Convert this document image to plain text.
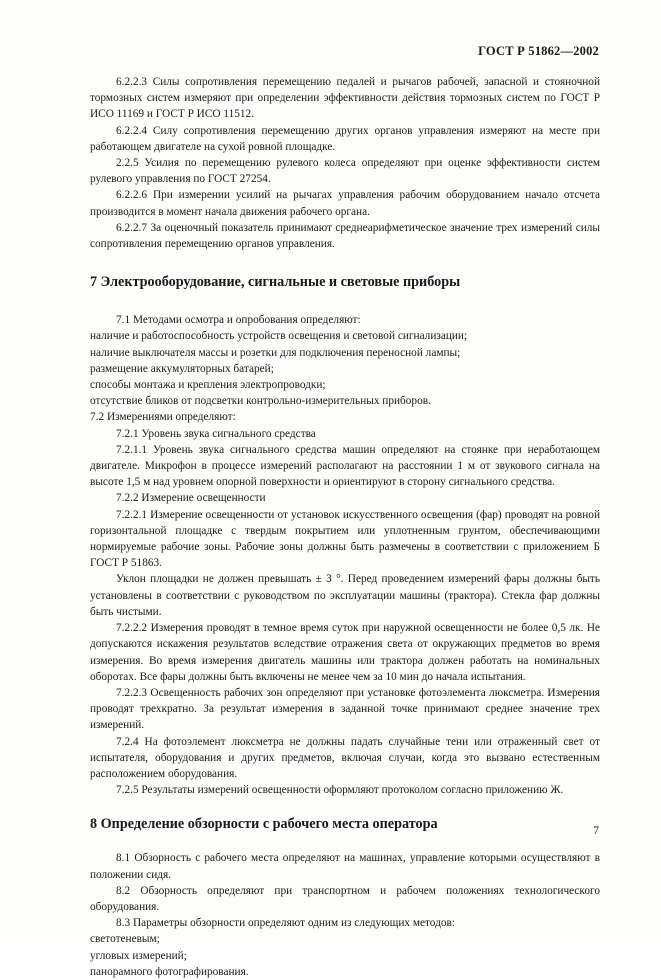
ГОСТ Р 51862—2002

6.2.2.3 Силы сопротивления перемещению педалей и рычагов рабочей, запасной и стояночной тормозных систем измеряют при определении эффективности действия тормозных систем по ГОСТ Р ИСО 11169 и ГОСТ Р ИСО 11512.

6.2.2.4 Силу сопротивления перемещению других органов управления измеряют на месте при работающем двигателе на сухой ровной площадке.

2.2.5 Усилия по перемещению рулевого колеса определяют при оценке эффективности систем рулевого управления по ГОСТ 27254.

6.2.2.6 При измерении усилий на рычагах управления рабочим оборудованием начало отсчета производится в момент начала движения рабочего органа.

6.2.2.7 За оценочный показатель принимают среднеарифметическое значение трех измерений силы сопротивления перемещению органов управления.

7 Электрооборудование, сигнальные и световые приборы

7.1 Методами осмотра и опробования определяют:

наличие и работоспособность устройств освещения и световой сигнализации;

наличие выключателя массы и розетки для подключения переносной лампы;

размещение аккумуляторных батарей;

способы монтажа и крепления электропроводки;

отсутствие бликов от подсветки контрольно-измерительных приборов.

7.2 Измерениями определяют:

7.2.1 Уровень звука сигнального средства

7.2.1.1 Уровень звука сигнального средства машин определяют на стоянке при неработающем двигателе. Микрофон в процессе измерений располагают на расстоянии 1 м от звукового сигнала на высоте 1,5 м над уровнем опорной поверхности и ориентируют в сторону сигнального средства.

7.2.2 Измерение освещенности

7.2.2.1 Измерение освещенности от установок искусственного освещения (фар) проводят на ровной горизонтальной площадке с твердым покрытием или уплотненным грунтом, обеспечивающими нормируемые рабочие зоны. Рабочие зоны должны быть размечены в соответствии с приложением Б ГОСТ Р 51863.

Уклон площадки не должен превышать ± 3 °. Перед проведением измерений фары должны быть установлены в соответствии с руководством по эксплуатации машины (трактора). Стекла фар должны быть чистыми.

7.2.2.2 Измерения проводят в темное время суток при наружной освещенности не более 0,5 лк. Не допускаются искажения результатов вследствие отражения света от окружающих предметов во время измерения. Во время измерения двигатель машины или трактора должен работать на номинальных оборотах. Все фары должны быть включены не менее чем за 10 мин до начала испытания.

7.2.2.3 Освещенность рабочих зон определяют при установке фотоэлемента люксметра. Измерения проводят трехкратно. За результат измерения в заданной точке принимают среднее значение трех измерений.

7.2.4 На фотоэлемент люксметра не должны падать случайные тени или отраженный свет от испытателя, оборудования и других предметов, включая случаи, когда это вызвано естественным расположением оборудования.

7.2.5 Результаты измерений освещенности оформляют протоколом согласно приложению Ж.

8 Определение обзорности с рабочего места оператора

8.1 Обзорность с рабочего места определяют на машинах, управление которыми осуществляют в положении сидя.

8.2 Обзорность определяют при транспортном и рабочем положениях технологического оборудования.

8.3 Параметры обзорности определяют одним из следующих методов:

светотеневым;

угловых измерений;

панорамного фотографирования.

7
